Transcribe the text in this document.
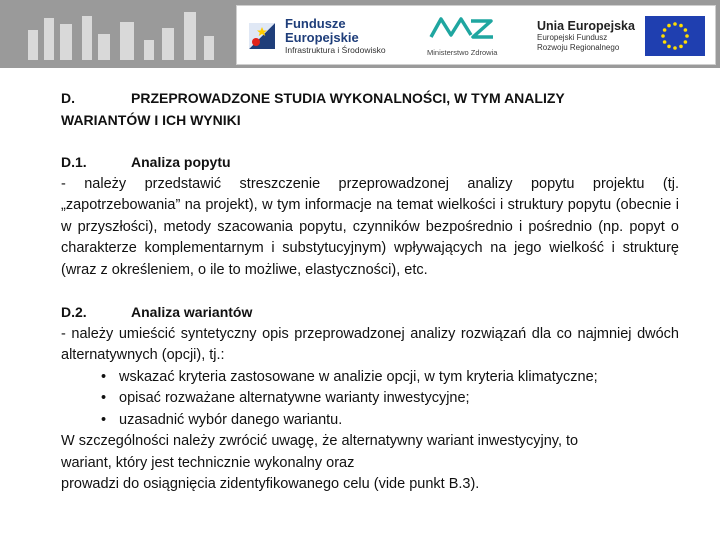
Fundusze
Europejskie
Infrastruktura i Środowisko	Ministerstwo Zdrowia
Unia Europejska
Europejski Fundusz
Rozwoju Regionalnego
D.	PRZEPROWADZONE STUDIA WYKONALNOŚCI, W TYM ANALIZY
WARIANTÓW I ICH WYNIKI
D.1.	Analiza popytu
- należy przedstawić streszczenie przeprowadzonej analizy popytu projektu (tj. „zapotrzebowania” na projekt), w tym informacje na temat wielkości i struktury popytu (obecnie i w przyszłości), metody szacowania popytu, czynników bezpośrednio i pośrednio (np. popyt o charakterze komplementarnym i substytucyjnym) wpływających na jego wielkość i strukturę (wraz z określeniem, o ile to możliwe, elastyczności), etc.
D.2.	Analiza wariantów
- należy umieścić syntetyczny opis przeprowadzonej analizy rozwiązań dla co najmniej dwóch alternatywnych (opcji), tj.:
• wskazać kryteria zastosowane w analizie opcji, w tym kryteria klimatyczne;
• opisać rozważane alternatywne warianty inwestycyjne;
• uzasadnić wybór danego wariantu.
W szczególności należy zwrócić uwagę, że alternatywny wariant inwestycyjny, to
wariant, który jest technicznie wykonalny oraz
prowadzi do osiągnięcia zidentyfikowanego celu (vide punkt B.3).
